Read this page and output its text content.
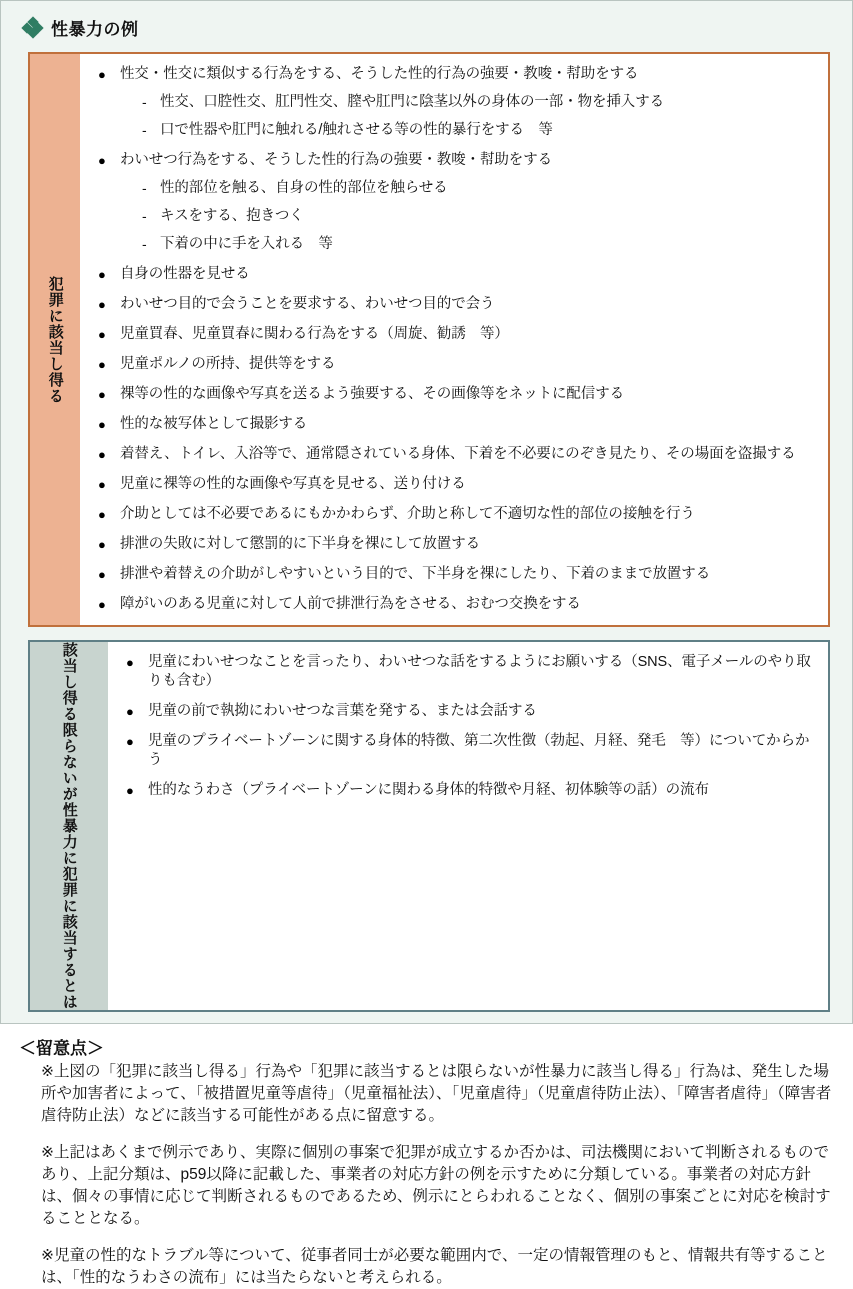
性暴力の例
犯罪に該当し得る
● 性交・性交に類似する行為をする、そうした性的行為の強要・教唆・幇助をする
- 性交、口腔性交、肛門性交、膣や肛門に陰茎以外の身体の一部・物を挿入する
- 口で性器や肛門に触れる/触れさせる等の性的暴行をする　等
● わいせつ行為をする、そうした性的行為の強要・教唆・幇助をする
- 性的部位を触る、自身の性的部位を触らせる
- キスをする、抱きつく
- 下着の中に手を入れる　等
● 自身の性器を見せる
● わいせつ目的で会うことを要求する、わいせつ目的で会う
● 児童買春、児童買春に関わる行為をする（周旋、勧誘　等）
● 児童ポルノの所持、提供等をする
● 裸等の性的な画像や写真を送るよう強要する、その画像等をネットに配信する
● 性的な被写体として撮影する
● 着替え、トイレ、入浴等で、通常隠されている身体、下着を不必要にのぞき見たり、その場面を盗撮する
● 児童に裸等の性的な画像や写真を見せる、送り付ける
● 介助としては不必要であるにもかかわらず、介助と称して不適切な性的部位の接触を行う
● 排泄の失敗に対して懲罰的に下半身を裸にして放置する
● 排泄や着替えの介助がしやすいという目的で、下半身を裸にしたり、下着のままで放置する
● 障がいのある児童に対して人前で排泄行為をさせる、おむつ交換をする
犯罪に該当するとは
限らないが性暴力に
該当し得る	● 児童にわいせつなことを言ったり、わいせつな話をするようにお願いする（SNS、電子メールのやり取りも含む）
● 児童の前で執拗にわいせつな言葉を発する、または会話する
● 児童のプライベートゾーンに関する身体的特徴、第二次性徴（勃起、月経、発毛　等）についてからかう
● 性的なうわさ（プライベートゾーンに関わる身体的特徴や月経、初体験等の話）の流布
＜留意点＞

※上図の「犯罪に該当し得る」行為や「犯罪に該当するとは限らないが性暴力に該当し得る」行為は、発生した場所や加害者によって、「被措置児童等虐待」（児童福祉法）、「児童虐待」（児童虐待防止法）、「障害者虐待」（障害者虐待防止法）などに該当する可能性がある点に留意する。

※上記はあくまで例示であり、実際に個別の事案で犯罪が成立するか否かは、司法機関において判断されるものであり、上記分類は、p59以降に記載した、事業者の対応方針の例を示すために分類している。事業者の対応方針は、個々の事情に応じて判断されるものであるため、例示にとらわれることなく、個別の事案ごとに対応を検討することとなる。

※児童の性的なトラブル等について、従事者同士が必要な範囲内で、一定の情報管理のもと、情報共有等することは、「性的なうわさの流布」には当たらないと考えられる。
